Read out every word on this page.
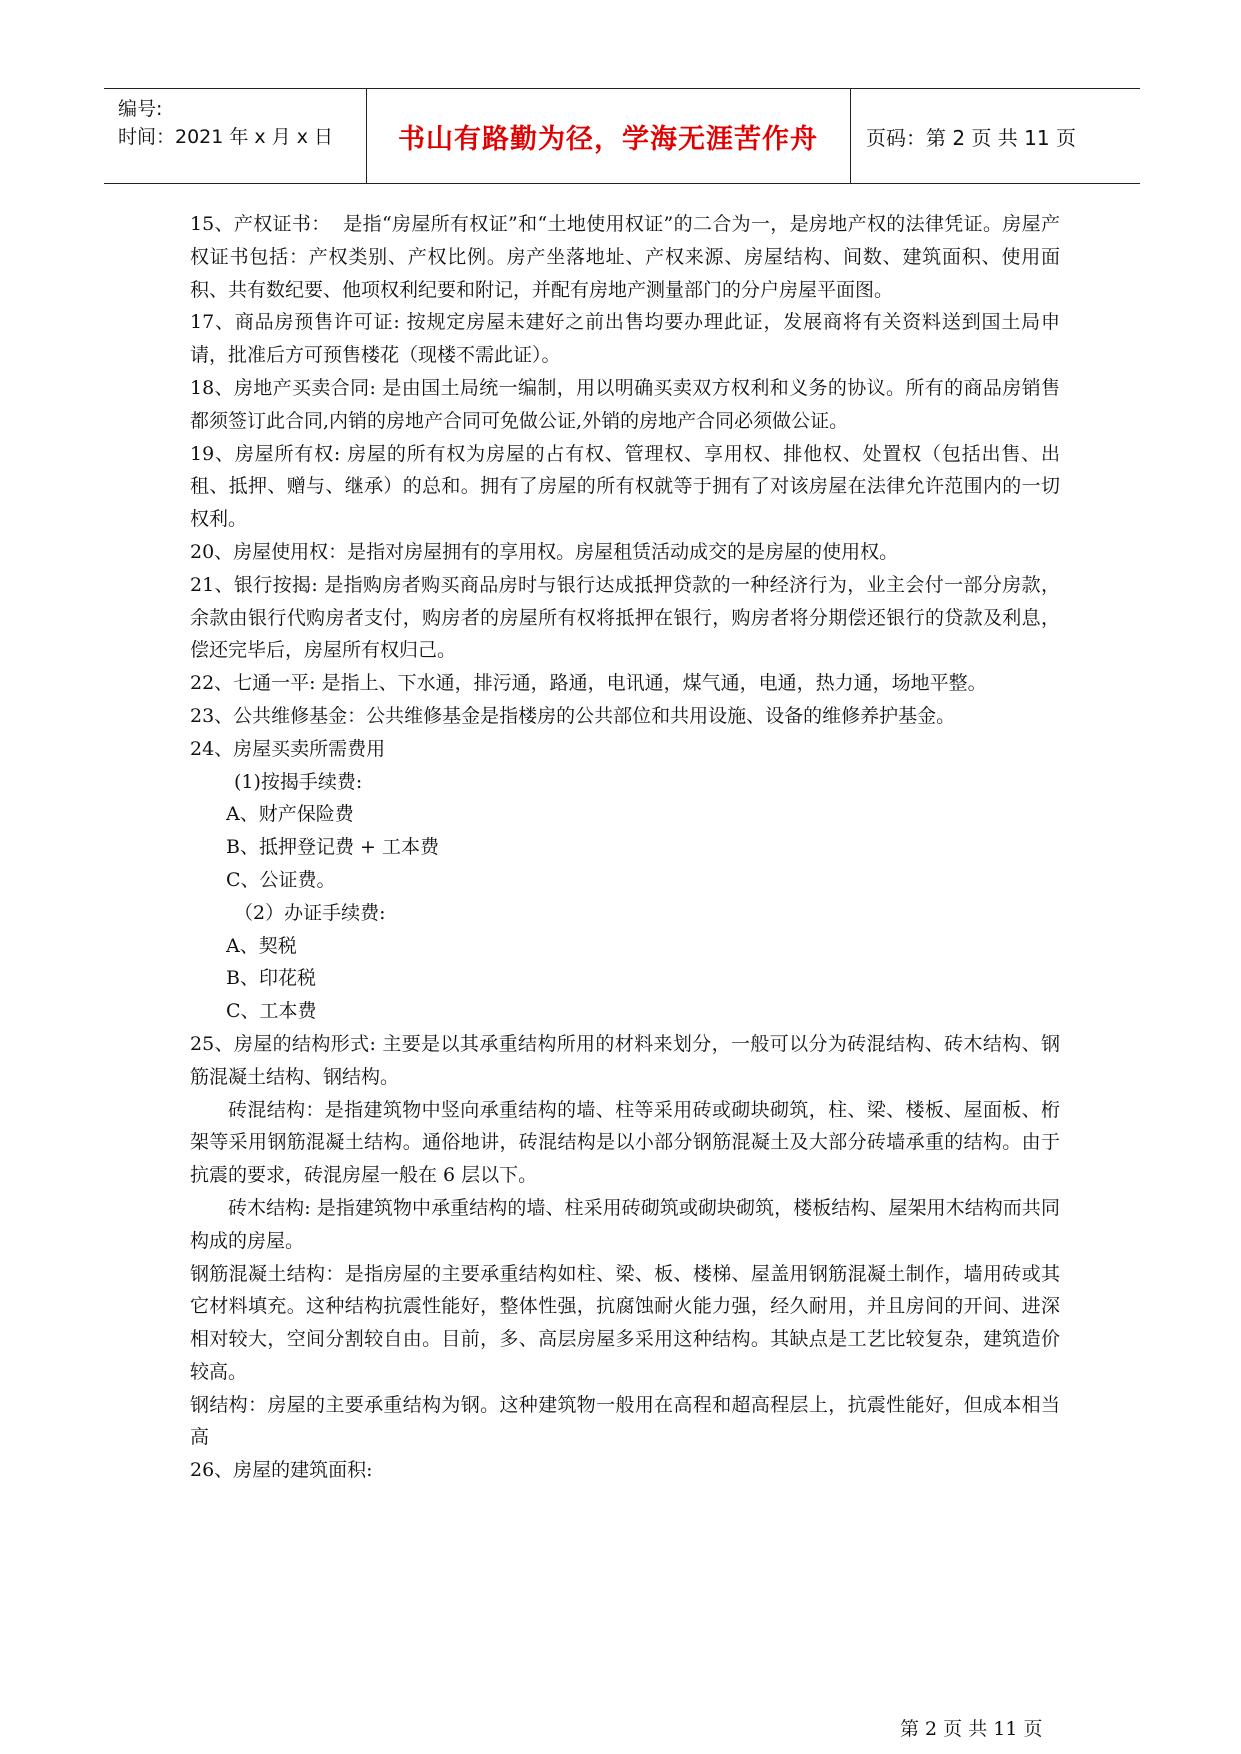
编号:
时间：2021 年 x 月 x 日	书山有路勤为径，学海无涯苦作舟	页码：第 2 页 共 11 页
15、产权证书：  是指“房屋所有权证”和“土地使用权证”的二合为一，是房地产权的法律凭证。房屋产权证书包括：产权类别、产权比例。房产坐落地址、产权来源、房屋结构、间数、建筑面积、使用面积、共有数纪要、他项权利纪要和附记，并配有房地产测量部门的分户房屋平面图。
17、商品房预售许可证: 按规定房屋未建好之前出售均要办理此证，发展商将有关资料送到国土局申请，批准后方可预售楼花（现楼不需此证）。
18、房地产买卖合同: 是由国土局统一编制，用以明确买卖双方权利和义务的协议。所有的商品房销售都须签订此合同,内销的房地产合同可免做公证,外销的房地产合同必须做公证。
19、房屋所有权: 房屋的所有权为房屋的占有权、管理权、享用权、排他权、处置权（包括出售、出租、抵押、赠与、继承）的总和。拥有了房屋的所有权就等于拥有了对该房屋在法律允许范围内的一切权利。
20、房屋使用权：是指对房屋拥有的享用权。房屋租赁活动成交的是房屋的使用权。
21、银行按揭: 是指购房者购买商品房时与银行达成抵押贷款的一种经济行为，业主会付一部分房款，余款由银行代购房者支付，购房者的房屋所有权将抵押在银行，购房者将分期偿还银行的贷款及利息，偿还完毕后，房屋所有权归己。
22、七通一平: 是指上、下水通，排污通，路通，电讯通，煤气通，电通，热力通，场地平整。
23、公共维修基金：公共维修基金是指楼房的公共部位和共用设施、设备的维修养护基金。
24、房屋买卖所需费用
(1)按揭手续费:
A、财产保险费
B、抵押登记费 + 工本费
C、公证费。
（2）办证手续费:
A、契税
B、印花税
C、工本费
25、房屋的结构形式: 主要是以其承重结构所用的材料来划分，一般可以分为砖混结构、砖木结构、钢筋混凝土结构、钢结构。
砖混结构：是指建筑物中竖向承重结构的墙、柱等采用砖或砌块砌筑，柱、梁、楼板、屋面板、桁架等采用钢筋混凝土结构。通俗地讲，砖混结构是以小部分钢筋混凝土及大部分砖墙承重的结构。由于抗震的要求，砖混房屋一般在 6 层以下。
砖木结构: 是指建筑物中承重结构的墙、柱采用砖砌筑或砌块砌筑，楼板结构、屋架用木结构而共同构成的房屋。
钢筋混凝土结构：是指房屋的主要承重结构如柱、梁、板、楼梯、屋盖用钢筋混凝土制作，墙用砖或其它材料填充。这种结构抗震性能好，整体性强，抗腐蚀耐火能力强，经久耐用，并且房间的开间、进深相对较大，空间分割较自由。目前，多、高层房屋多采用这种结构。其缺点是工艺比较复杂，建筑造价较高。
钢结构：房屋的主要承重结构为钢。这种建筑物一般用在高程和超高程层上，抗震性能好，但成本相当高
26、房屋的建筑面积:
第 2 页 共 11 页
